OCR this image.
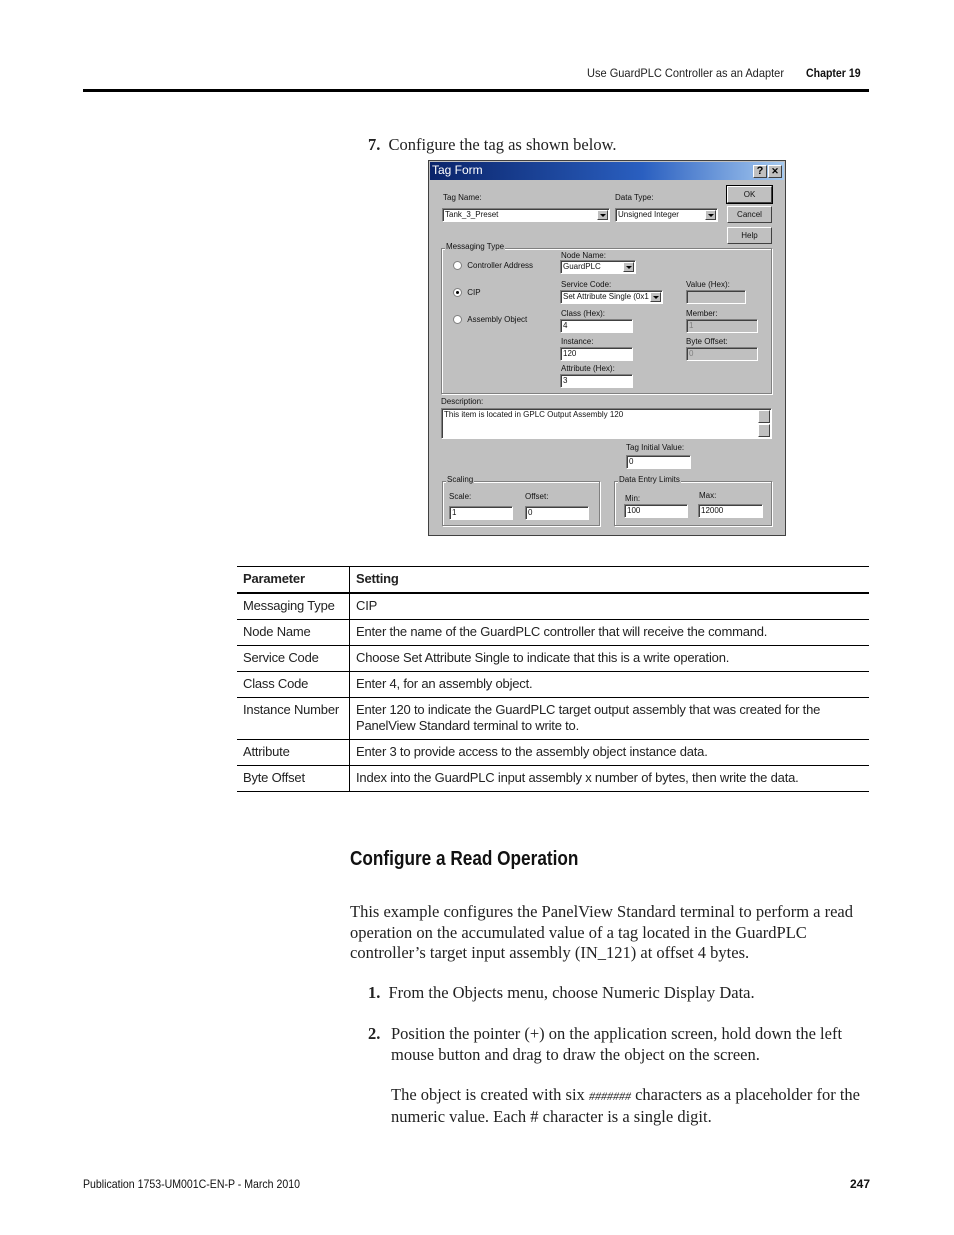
Use GuardPLC Controller as an Adapter Chapter 19
7. Configure the tag as shown below.
Tag Form	? ✕
Tag Name:
Tank_3_Preset
Data Type:
Unsigned Integer
OK
Cancel
Help
Messaging Type
Controller Address
CIP
Assembly Object
Node Name:
GuardPLC
Service Code:
Set Attribute Single (0x1
Value (Hex):
Class (Hex):
4
Member:
1
Instance:
120
Byte Offset:
0
Attribute (Hex):
3
Description:
This item is located in GPLC Output Assembly 120
Tag Initial Value:
0
Scaling
Scale:
1
Offset:
0
Data Entry Limits
Min:
100
Max:
12000
Parameter	Setting
Messaging Type	CIP
Node Name	Enter the name of the GuardPLC controller that will receive the command.
Service Code	Choose Set Attribute Single to indicate that this is a write operation.
Class Code	Enter 4, for an assembly object.
Instance Number	Enter 120 to indicate the GuardPLC target output assembly that was created for the PanelView Standard terminal to write to.
Attribute	Enter 3 to provide access to the assembly object instance data.
Byte Offset	Index into the GuardPLC input assembly x number of bytes, then write the data.
Configure a Read Operation
This example configures the PanelView Standard terminal to perform a read operation on the accumulated value of a tag located in the GuardPLC controller’s target input assembly (IN_121) at offset 4 bytes.
1. From the Objects menu, choose Numeric Display Data.
2. Position the pointer (+) on the application screen, hold down the left mouse button and drag to draw the object on the screen.
The object is created with six ####### characters as a placeholder for the numeric value. Each # character is a single digit.
Publication 1753-UM001C-EN-P - March 2010	247
